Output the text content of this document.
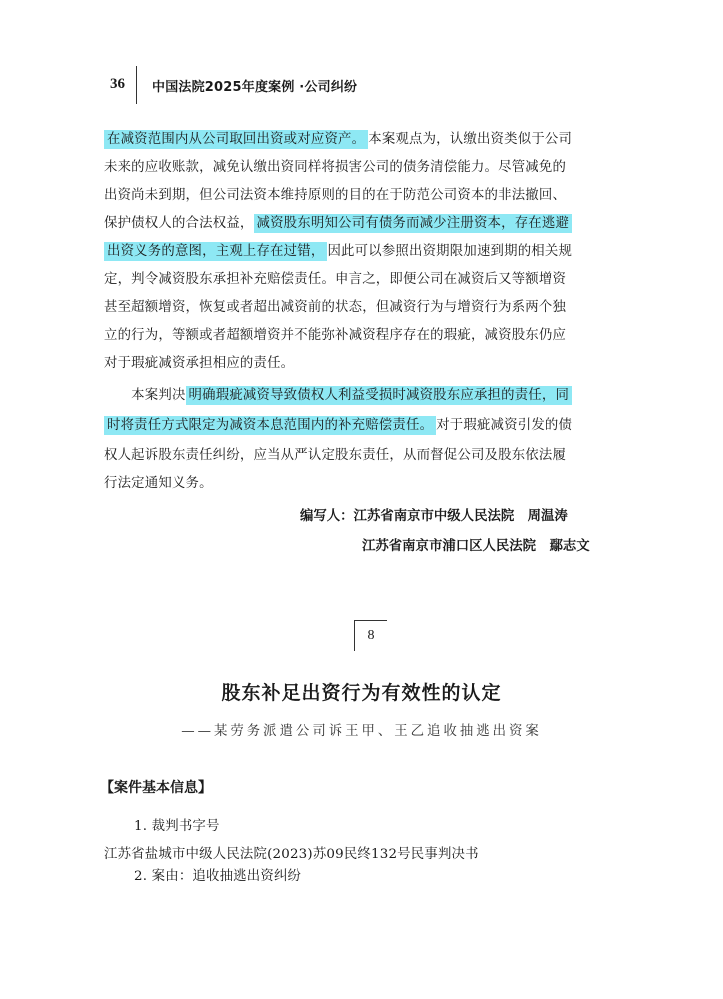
36 中国法院2025年度案例 ·公司纠纷
在减资范围内从公司取回出资或对应资产。 本案观点为，认缴出资类似于公司
未来的应收账款，减免认缴出资同样将损害公司的债务清偿能力。尽管减免的
出资尚未到期，但公司法资本维持原则的目的在于防范公司资本的非法撤回、
保护债权人的合法权益， 减资股东明知公司有债务而减少注册资本，存在逃避
出资义务的意图，主观上存在过错， 因此可以参照出资期限加速到期的相关规
定，判令减资股东承担补充赔偿责任。申言之，即便公司在减资后又等额增资
甚至超额增资，恢复或者超出减资前的状态，但减资行为与增资行为系两个独
立的行为，等额或者超额增资并不能弥补减资程序存在的瑕疵，减资股东仍应
对于瑕疵减资承担相应的责任。
　　本案判决 明确瑕疵减资导致债权人利益受损时减资股东应承担的责任，同
时将责任方式限定为减资本息范围内的补充赔偿责任。 对于瑕疵减资引发的债
权人起诉股东责任纠纷，应当从严认定股东责任，从而督促公司及股东依法履
行法定通知义务。
编写人：江苏省南京市中级人民法院　周温涛
江苏省南京市浦口区人民法院　鄢志文
8
股东补足出资行为有效性的认定
——某劳务派遣公司诉王甲、王乙追收抽逃出资案
【案件基本信息】
1. 裁判书字号
江苏省盐城市中级人民法院(2023)苏09民终132号民事判决书
2. 案由：追收抽逃出资纠纷
